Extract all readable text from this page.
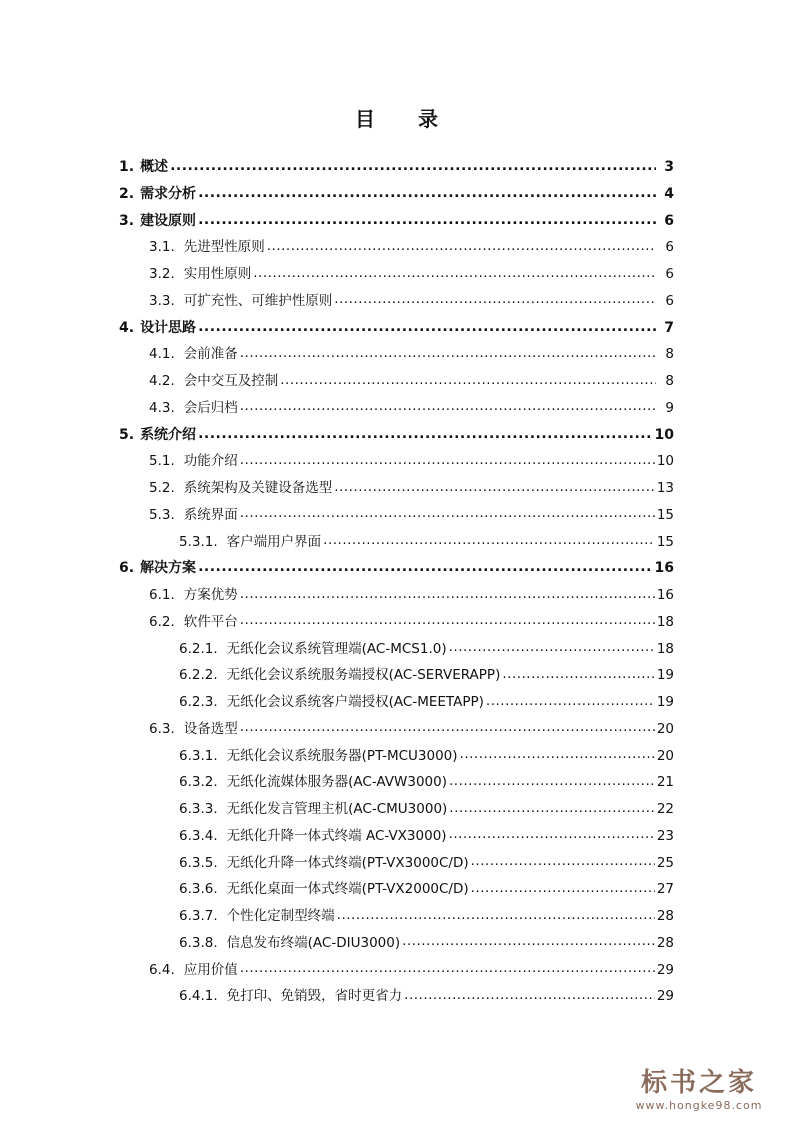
目 录
1. 概述 .....	3
2. 需求分析 .....	4
3. 建设原则 .....	6
3.1. 先进型性原则 .....	6
3.2. 实用性原则 .....	6
3.3. 可扩充性、可维护性原则 .....	6
4. 设计思路 .....	7
4.1. 会前准备 .....	8
4.2. 会中交互及控制 .....	8
4.3. 会后归档 .....	9
5. 系统介绍 .....	10
5.1. 功能介绍 .....	10
5.2. 系统架构及关键设备选型 .....	13
5.3. 系统界面 .....	15
5.3.1. 客户端用户界面 .....	15
6. 解决方案 .....	16
6.1. 方案优势 .....	16
6.2. 软件平台 .....	18
6.2.1. 无纸化会议系统管理端(AC-MCS1.0) .....	18
6.2.2. 无纸化会议系统服务端授权(AC-SERVERAPP) .....	19
6.2.3. 无纸化会议系统客户端授权(AC-MEETAPP) .....	19
6.3. 设备选型 .....	20
6.3.1. 无纸化会议系统服务器(PT-MCU3000) .....	20
6.3.2. 无纸化流媒体服务器(AC-AVW3000) .....	21
6.3.3. 无纸化发言管理主机(AC-CMU3000) .....	22
6.3.4. 无纸化升降一体式终端 AC-VX3000) .....	23
6.3.5. 无纸化升降一体式终端(PT-VX3000C/D) .....	25
6.3.6. 无纸化桌面一体式终端(PT-VX2000C/D) .....	27
6.3.7. 个性化定制型终端 .....	28
6.3.8. 信息发布终端(AC-DIU3000) .....	28
6.4. 应用价值 .....	29
6.4.1. 免打印、免销毁，省时更省力 .....	29
标书之家
www.hongke98.com
